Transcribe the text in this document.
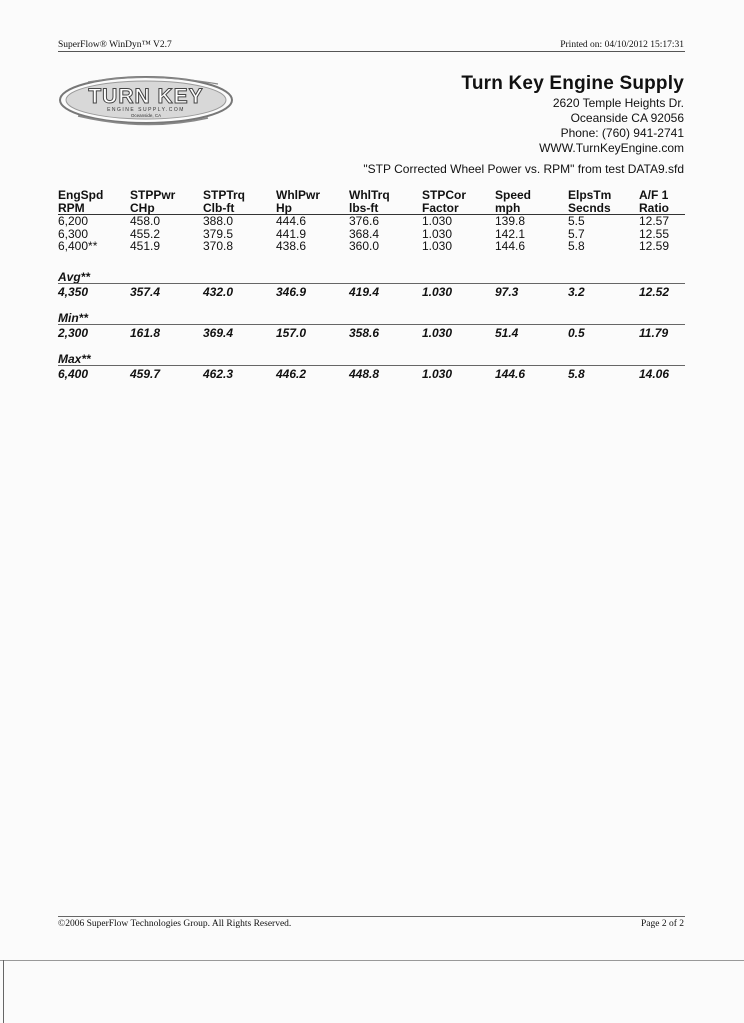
SuperFlow® WinDyn™ V2.7	Printed on: 04/10/2012 15:17:31
TURN KEY
ENGINE SUPPLY.COM
Oceanside, CA
Turn Key Engine Supply
2620 Temple Heights Dr.
Oceanside CA 92056
Phone: (760) 941-2741
WWW.TurnKeyEngine.com
"STP Corrected Wheel Power vs. RPM" from test DATA9.sfd
EngSpd	STPPwr	STPTrq	WhlPwr	WhlTrq	STPCor	Speed	ElpsTm	A/F 1
RPM	CHp	Clb-ft	Hp	lbs-ft	Factor	mph	Secnds	Ratio
6,200	458.0	388.0	444.6	376.6	1.030	139.8	5.5	12.57
6,300	455.2	379.5	441.9	368.4	1.030	142.1	5.7	12.55
6,400**	451.9	370.8	438.6	360.0	1.030	144.6	5.8	12.59
Avg**
4,350	357.4	432.0	346.9	419.4	1.030	97.3	3.2	12.52
Min**
2,300	161.8	369.4	157.0	358.6	1.030	51.4	0.5	11.79
Max**
6,400	459.7	462.3	446.2	448.8	1.030	144.6	5.8	14.06
©2006 SuperFlow Technologies Group. All Rights Reserved.	Page 2 of 2
